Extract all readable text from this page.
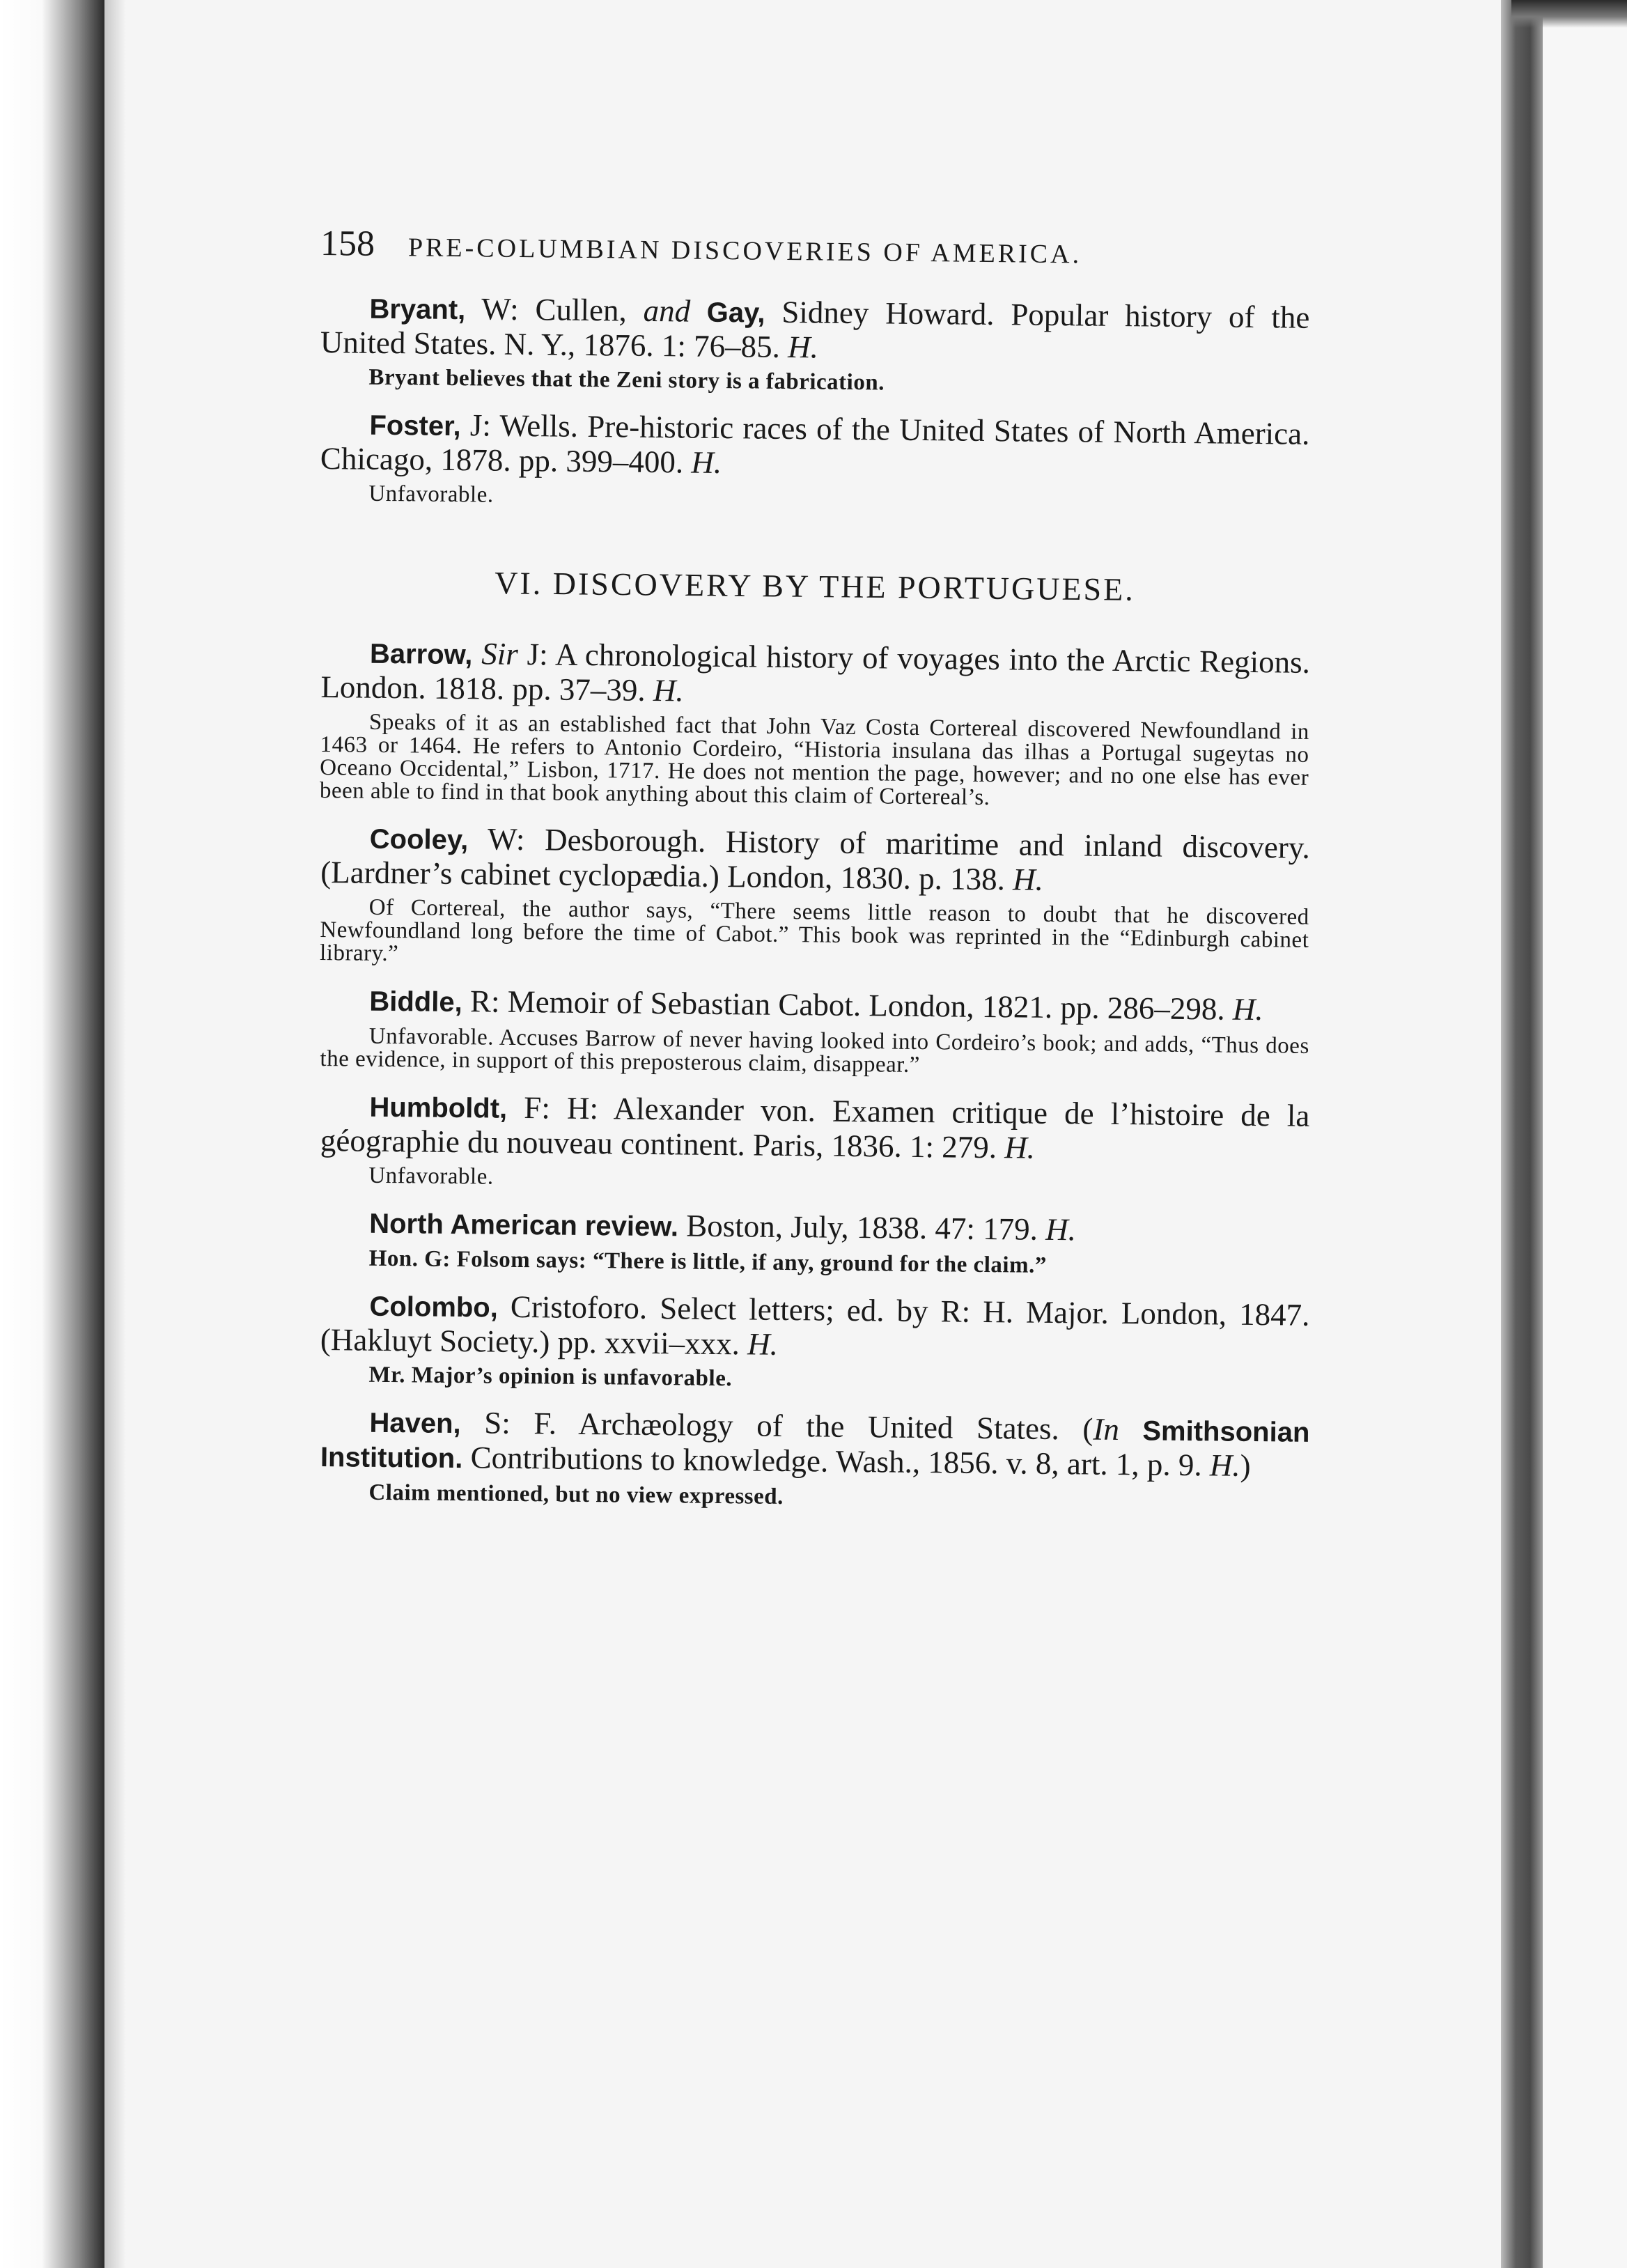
158 PRE-COLUMBIAN DISCOVERIES OF AMERICA.

Bryant, W: Cullen, and Gay, Sidney Howard. Popular history of the United States. N. Y., 1876. 1: 76–85. H.

Bryant believes that the Zeni story is a fabrication.

Foster, J: Wells. Pre-historic races of the United States of North America. Chicago, 1878. pp. 399–400. H.

Unfavorable.

VI. DISCOVERY BY THE PORTUGUESE.

Barrow, Sir J: A chronological history of voyages into the Arctic Regions. London. 1818. pp. 37–39. H.

Speaks of it as an established fact that John Vaz Costa Cortereal discovered Newfoundland in 1463 or 1464. He refers to Antonio Cordeiro, “Historia insulana das ilhas a Portugal sugeytas no Oceano Occidental,” Lisbon, 1717. He does not mention the page, however; and no one else has ever been able to find in that book anything about this claim of Cortereal’s.

Cooley, W: Desborough. History of maritime and inland discovery. (Lardner’s cabinet cyclopædia.) London, 1830. p. 138. H.

Of Cortereal, the author says, “There seems little reason to doubt that he discovered Newfoundland long before the time of Cabot.” This book was reprinted in the “Edinburgh cabinet library.”

Biddle, R: Memoir of Sebastian Cabot. London, 1821. pp. 286–298. H.

Unfavorable. Accuses Barrow of never having looked into Cordeiro’s book; and adds, “Thus does the evidence, in support of this preposterous claim, disappear.”

Humboldt, F: H: Alexander von. Examen critique de l’histoire de la géographie du nouveau continent. Paris, 1836. 1: 279. H.

Unfavorable.

North American review. Boston, July, 1838. 47: 179. H.

Hon. G: Folsom says: “There is little, if any, ground for the claim.”

Colombo, Cristoforo. Select letters; ed. by R: H. Major. London, 1847. (Hakluyt Society.) pp. xxvii–xxx. H.

Mr. Major’s opinion is unfavorable.

Haven, S: F. Archæology of the United States. (In Smithsonian Institution. Contributions to knowledge. Wash., 1856. v. 8, art. 1, p. 9. H.)

Claim mentioned, but no view expressed.
